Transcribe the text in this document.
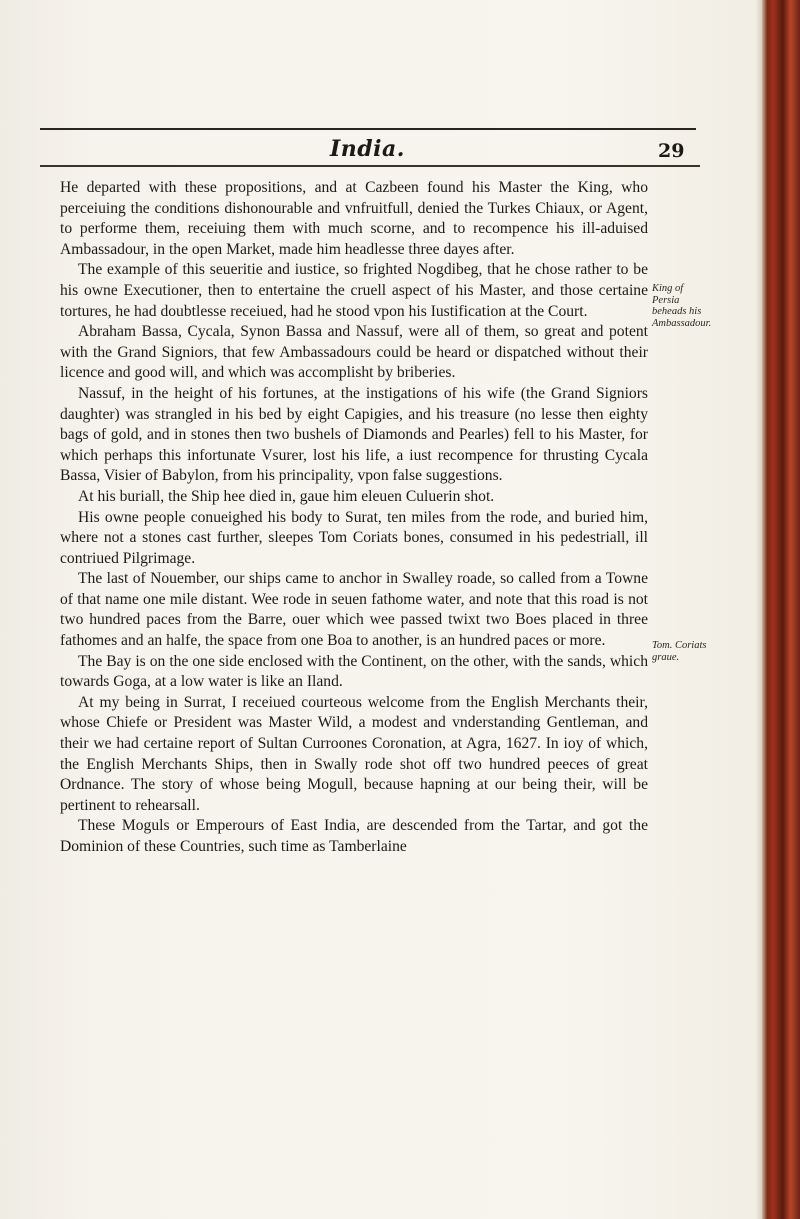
India.	29

He departed with these propositions, and at Cazbeen found his Master the King, who perceiuing the conditions dishonourable and vnfruitfull, denied the Turkes Chiaux, or Agent, to performe them, receiuing them with much scorne, and to recompence his ill-aduised Ambassadour, in the open Market, made him headlesse three dayes after.

The example of this seueritie and iustice, so frighted Nogdibeg, that he chose rather to be his owne Executioner, then to entertaine the cruell aspect of his Master, and those certaine tortures, he had doubtlesse receiued, had he stood vpon his Iustification at the Court.

Abraham Bassa, Cycala, Synon Bassa and Nassuf, were all of them, so great and potent with the Grand Signiors, that few Ambassadours could be heard or dispatched without their licence and good will, and which was accomplisht by briberies.

Nassuf, in the height of his fortunes, at the instigations of his wife (the Grand Signiors daughter) was strangled in his bed by eight Capigies, and his treasure (no lesse then eighty bags of gold, and in stones then two bushels of Diamonds and Pearles) fell to his Master, for which perhaps this infortunate Vsurer, lost his life, a iust recompence for thrusting Cycala Bassa, Visier of Babylon, from his principality, vpon false suggestions.

At his buriall, the Ship hee died in, gaue him eleuen Culuerin shot.

His owne people conueighed his body to Surat, ten miles from the rode, and buried him, where not a stones cast further, sleepes Tom Coriats bones, consumed in his pedestriall, ill contriued Pilgrimage.

The last of Nouember, our ships came to anchor in Swalley roade, so called from a Towne of that name one mile distant. Wee rode in seuen fathome water, and note that this road is not two hundred paces from the Barre, ouer which wee passed twixt two Boes placed in three fathomes and an halfe, the space from one Boa to another, is an hundred paces or more.

The Bay is on the one side enclosed with the Continent, on the other, with the sands, which towards Goga, at a low water is like an Iland.

At my being in Surrat, I receiued courteous welcome from the English Merchants their, whose Chiefe or President was Master Wild, a modest and vnderstanding Gentleman, and their we had certaine report of Sultan Curroones Coronation, at Agra, 1627. In ioy of which, the English Merchants Ships, then in Swally rode shot off two hundred peeces of great Ordnance. The story of whose being Mogull, because hapning at our being their, will be pertinent to rehearsall.

These Moguls or Emperours of East India, are descended from the Tartar, and got the Dominion of these Countries, such time as Tamberlaine

King of Persia beheads his Ambassadour.
Tom. Coriats graue.
